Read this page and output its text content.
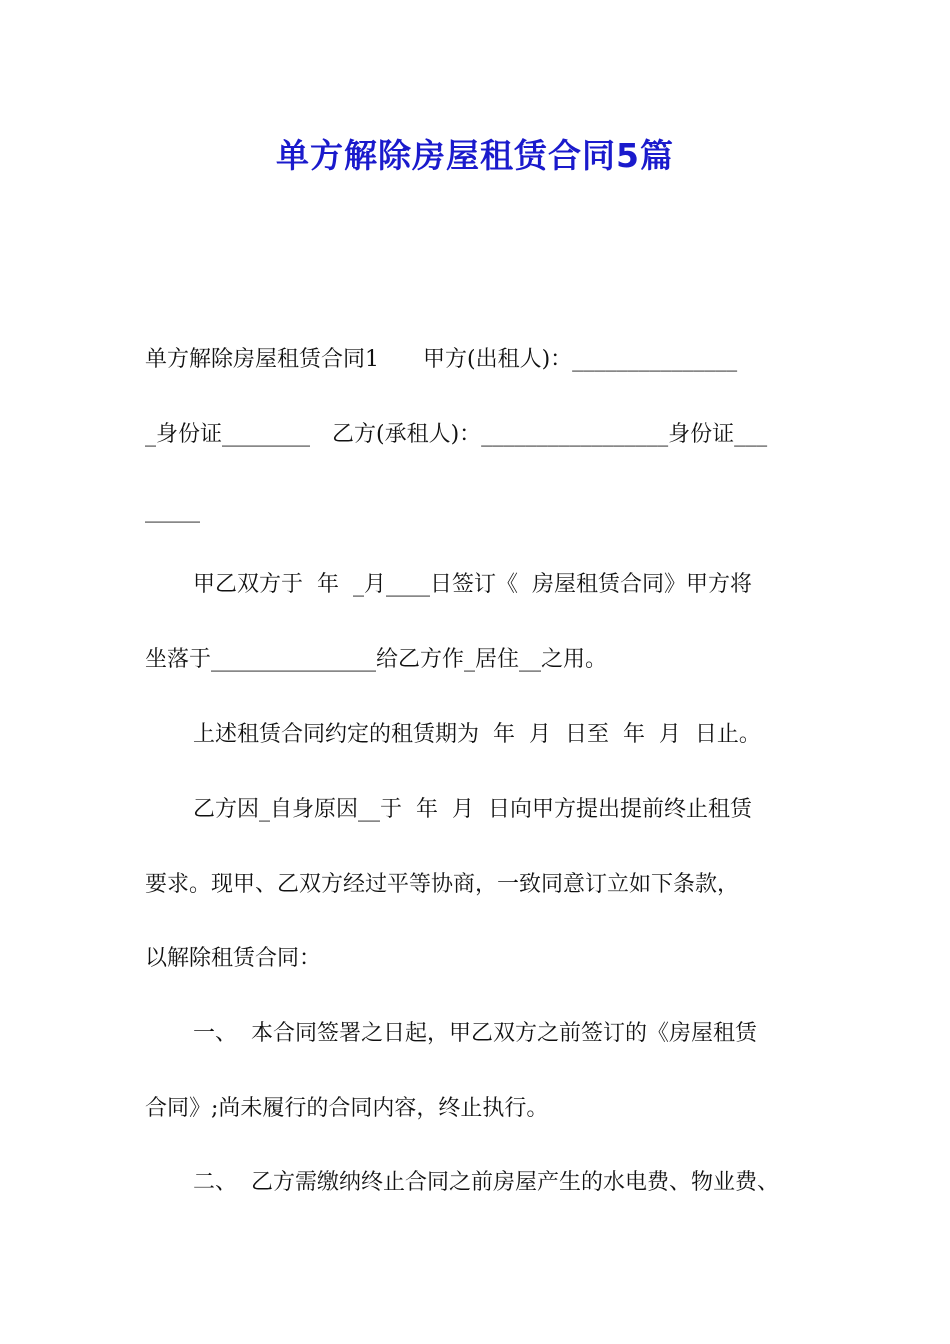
单方解除房屋租赁合同5篇
单方解除房屋租赁合同1　　甲方(出租人)：_______________
_身份证________　乙方(承租人)：_________________身份证___
_____
甲乙双方于  年  _月____日签订《  房屋租赁合同》甲方将
坐落于_______________给乙方作_居住__之用。
上述租赁合同约定的租赁期为  年  月  日至  年  月  日止。
乙方因_自身原因__于  年  月  日向甲方提出提前终止租赁
要求。现甲、乙双方经过平等协商，一致同意订立如下条款，
以解除租赁合同：
一、  本合同签署之日起，甲乙双方之前签订的《房屋租赁
合同》;尚未履行的合同内容，终止执行。
二、  乙方需缴纳终止合同之前房屋产生的水电费、物业费、
